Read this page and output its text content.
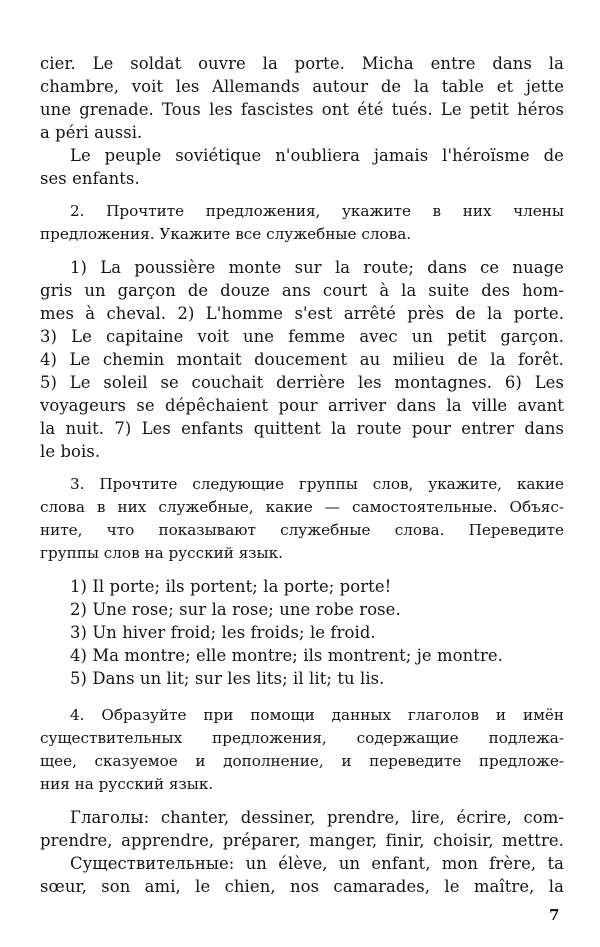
cier. Le soldat ouvre la porte. Micha entre dans la
chambre, voit les Allemands autour de la table et jette
une grenade. Tous les fascistes ont été tués. Le petit héros
a péri aussi.
Le peuple soviétique n'oubliera jamais l'héroïsme de
ses enfants.
2. Прочтите предложения, укажите в них члены
предложения. Укажите все служебные слова.
1) La poussière monte sur la route; dans ce nuage
gris un garçon de douze ans court à la suite des hom-
mes à cheval. 2) L'homme s'est arrêté près de la porte.
3) Le capitaine voit une femme avec un petit garçon.
4) Le chemin montait doucement au milieu de la forêt.
5) Le soleil se couchait derrière les montagnes. 6) Les
voyageurs se dépêchaient pour arriver dans la ville avant
la nuit. 7) Les enfants quittent la route pour entrer dans
le bois.
3. Прочтите следующие группы слов, укажите, какие
слова в них служебные, какие — самостоятельные. Объяс-
ните, что показывают служебные слова. Переведите
группы слов на русский язык.
1) Il porte; ils portent; la porte; porte!
2) Une rose; sur la rose; une robe rose.
3) Un hiver froid; les froids; le froid.
4) Ma montre; elle montre; ils montrent; je montre.
5) Dans un lit; sur les lits; il lit; tu lis.
4. Образуйте при помощи данных глаголов и имён
существительных предложения, содержащие подлежа-
щее, сказуемое и дополнение, и переведите предложе-
ния на русский язык.
Глаголы: chanter, dessiner, prendre, lire, écrire, com-
prendre, apprendre, préparer, manger, finir, choisir, mettre.
Существительные: un élève, un enfant, mon frère, ta
sœur, son ami, le chien, nos camarades, le maître, la
7
